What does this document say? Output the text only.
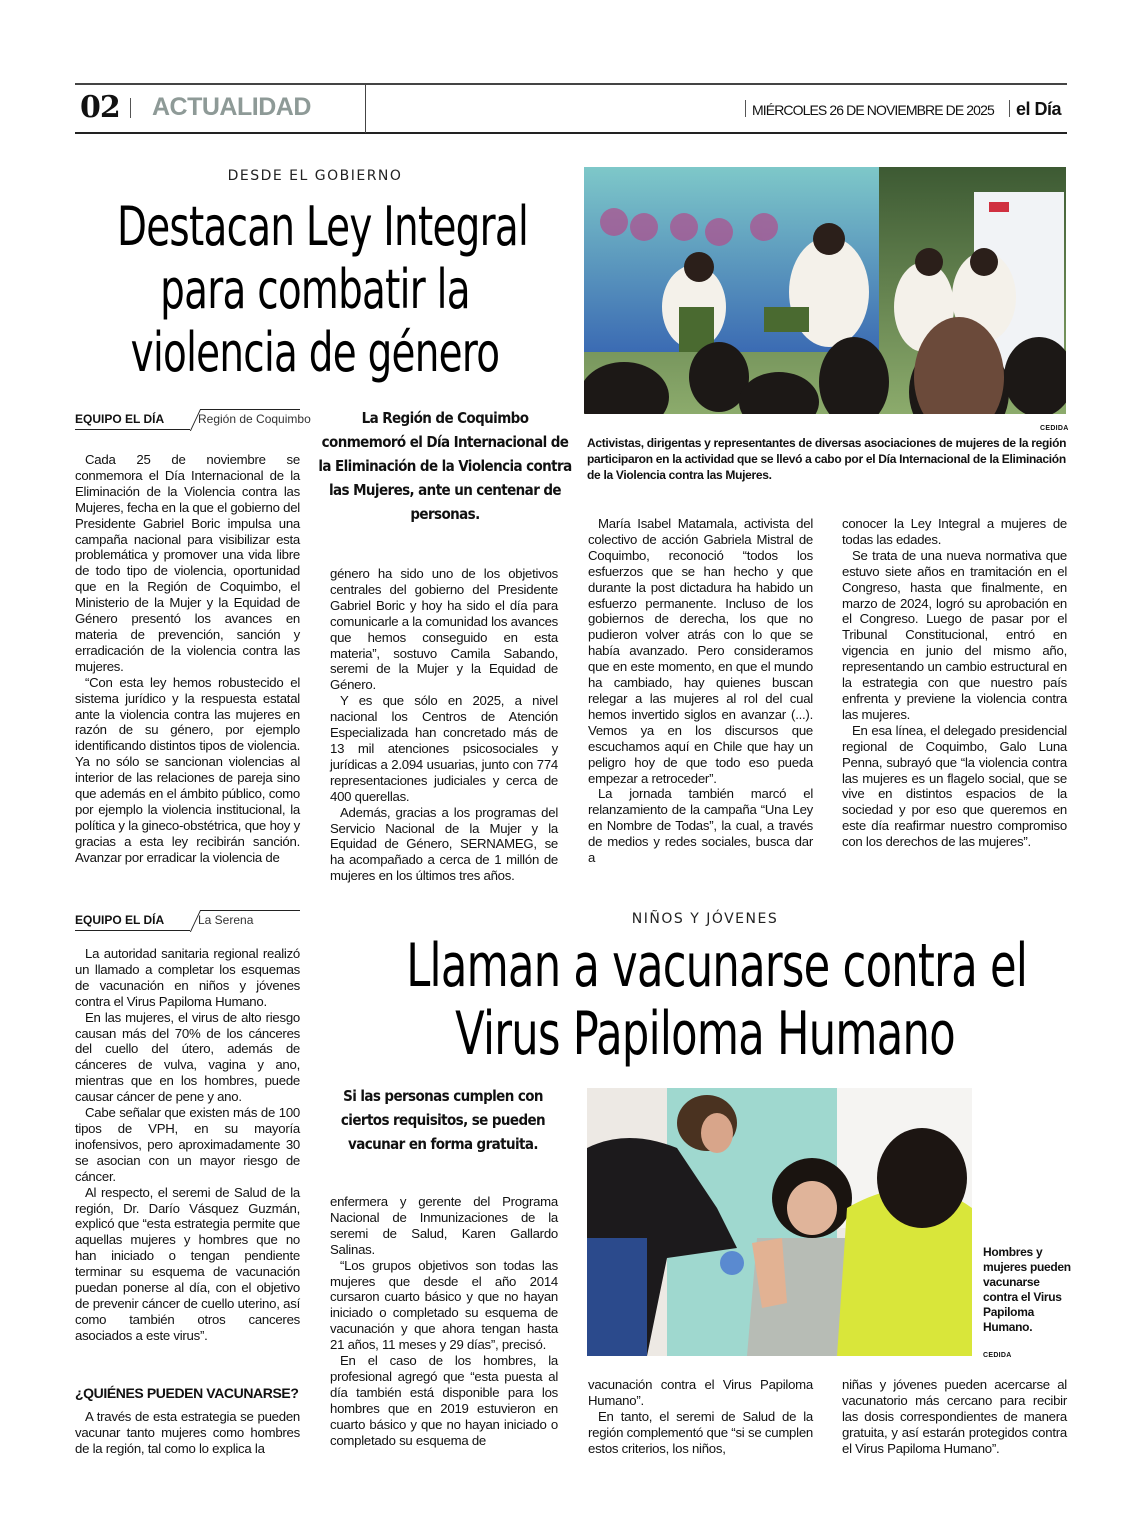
02 ACTUALIDAD	MIÉRCOLES 26 DE NOVIEMBRE DE 2025	el Día
DESDE EL GOBIERNO
Destacan Ley Integral
para combatir la
violencia de género
CEDIDA
Activistas, dirigentas y representantes de diversas asociaciones de mujeres de la región participaron en la actividad que se llevó a cabo por el Día Internacional de la Eliminación de la Violencia contra las Mujeres.
EQUIPO EL DÍA	Región de Coquimbo	La Región de Coquimbo conmemoró el Día Internacional de la Eliminación de la Violencia contra las Mujeres, ante un centenar de personas.

Cada 25 de noviembre se conmemora el Día Internacional de la Eliminación de la Violencia contra las Mujeres, fecha en la que el gobierno del Presidente Gabriel Boric impulsa una campaña nacional para visibilizar esta problemática y promover una vida libre de todo tipo de violencia, oportunidad que en la Región de Coquimbo, el Ministerio de la Mujer y la Equidad de Género presentó los avances en materia de prevención, sanción y erradicación de la violencia contra las mujeres.

“Con esta ley hemos robustecido el sistema jurídico y la respuesta estatal ante la violencia contra las mujeres en razón de su género, por ejemplo identificando distintos tipos de violencia. Ya no sólo se sancionan violencias al interior de las relaciones de pareja sino que además en el ámbito público, como por ejemplo la violencia institucional, la política y la gineco-obstétrica, que hoy y gracias a esta ley recibirán sanción. Avanzar por erradicar la violencia de

género ha sido uno de los objetivos centrales del gobierno del Presidente Gabriel Boric y hoy ha sido el día para comunicarle a la comunidad los avances que hemos conseguido en esta materia”, sostuvo Camila Sabando, seremi de la Mujer y la Equidad de Género.

Y es que sólo en 2025, a nivel nacional los Centros de Atención Especializada han concretado más de 13 mil atenciones psicosociales y jurídicas a 2.094 usuarias, junto con 774 representaciones judiciales y cerca de 400 querellas.

Además, gracias a los programas del Servicio Nacional de la Mujer y la Equidad de Género, SERNAMEG, se ha acompañado a cerca de 1 millón de mujeres en los últimos tres años.

María Isabel Matamala, activista del colectivo de acción Gabriela Mistral de Coquimbo, reconoció “todos los esfuerzos que se han hecho y que durante la post dictadura ha habido un esfuerzo permanente. Incluso de los gobiernos de derecha, los que no pudieron volver atrás con lo que se había avanzado. Pero consideramos que en este momento, en que el mundo ha cambiado, hay quienes buscan relegar a las mujeres al rol del cual hemos invertido siglos en avanzar (...). Vemos ya en los discursos que escuchamos aquí en Chile que hay un peligro hoy de que todo eso pueda empezar a retroceder”.

La jornada también marcó el relanzamiento de la campaña “Una Ley en Nombre de Todas”, la cual, a través de medios y redes sociales, busca dar a

conocer la Ley Integral a mujeres de todas las edades.

Se trata de una nueva normativa que estuvo siete años en tramitación en el Congreso, hasta que finalmente, en marzo de 2024, logró su aprobación en el Congreso. Luego de pasar por el Tribunal Constitucional, entró en vigencia en junio del mismo año, representando un cambio estructural en la estrategia con que nuestro país enfrenta y previene la violencia contra las mujeres.

En esa línea, el delegado presidencial regional de Coquimbo, Galo Luna Penna, subrayó que “la violencia contra las mujeres es un flagelo social, que se vive en distintos espacios de la sociedad y por eso que queremos en este día reafirmar nuestro compromiso con los derechos de las mujeres”.

EQUIPO EL DÍA	La Serena	NIÑOS Y JÓVENES
Llaman a vacunarse contra el
Virus Papiloma Humano

La autoridad sanitaria regional realizó un llamado a completar los esquemas de vacunación en niños y jóvenes contra el Virus Papiloma Humano.

En las mujeres, el virus de alto riesgo causan más del 70% de los cánceres del cuello del útero, además de cánceres de vulva, vagina y ano, mientras que en los hombres, puede causar cáncer de pene y ano.

Cabe señalar que existen más de 100 tipos de VPH, en su mayoría inofensivos, pero aproximadamente 30 se asocian con un mayor riesgo de cáncer.

Al respecto, el seremi de Salud de la región, Dr. Darío Vásquez Guzmán, explicó que “esta estrategia permite que aquellas mujeres y hombres que no han iniciado o tengan pendiente terminar su esquema de vacunación puedan ponerse al día, con el objetivo de prevenir cáncer de cuello uterino, así como también otros canceres asociados a este virus”.

¿QUIÉNES PUEDEN VACUNARSE?

A través de esta estrategia se pueden vacunar tanto mujeres como hombres de la región, tal como lo explica la

Si las personas cumplen con ciertos requisitos, se pueden vacunar en forma gratuita.

enfermera y gerente del Programa Nacional de Inmunizaciones de la seremi de Salud, Karen Gallardo Salinas.

“Los grupos objetivos son todas las mujeres que desde el año 2014 cursaron cuarto básico y que no hayan iniciado o completado su esquema de vacunación y que ahora tengan hasta 21 años, 11 meses y 29 días”, precisó.

En el caso de los hombres, la profesional agregó que “esta puesta al día también está disponible para los hombres que en 2019 estuvieron en cuarto básico y que no hayan iniciado o completado su esquema de

Hombres y mujeres pueden vacunarse contra el Virus Papiloma Humano.
CEDIDA

vacunación contra el Virus Papiloma Humano”.

En tanto, el seremi de Salud de la región complementó que “si se cumplen estos criterios, los niños,

niñas y jóvenes pueden acercarse al vacunatorio más cercano para recibir las dosis correspondientes de manera gratuita, y así estarán protegidos contra el Virus Papiloma Humano”.
